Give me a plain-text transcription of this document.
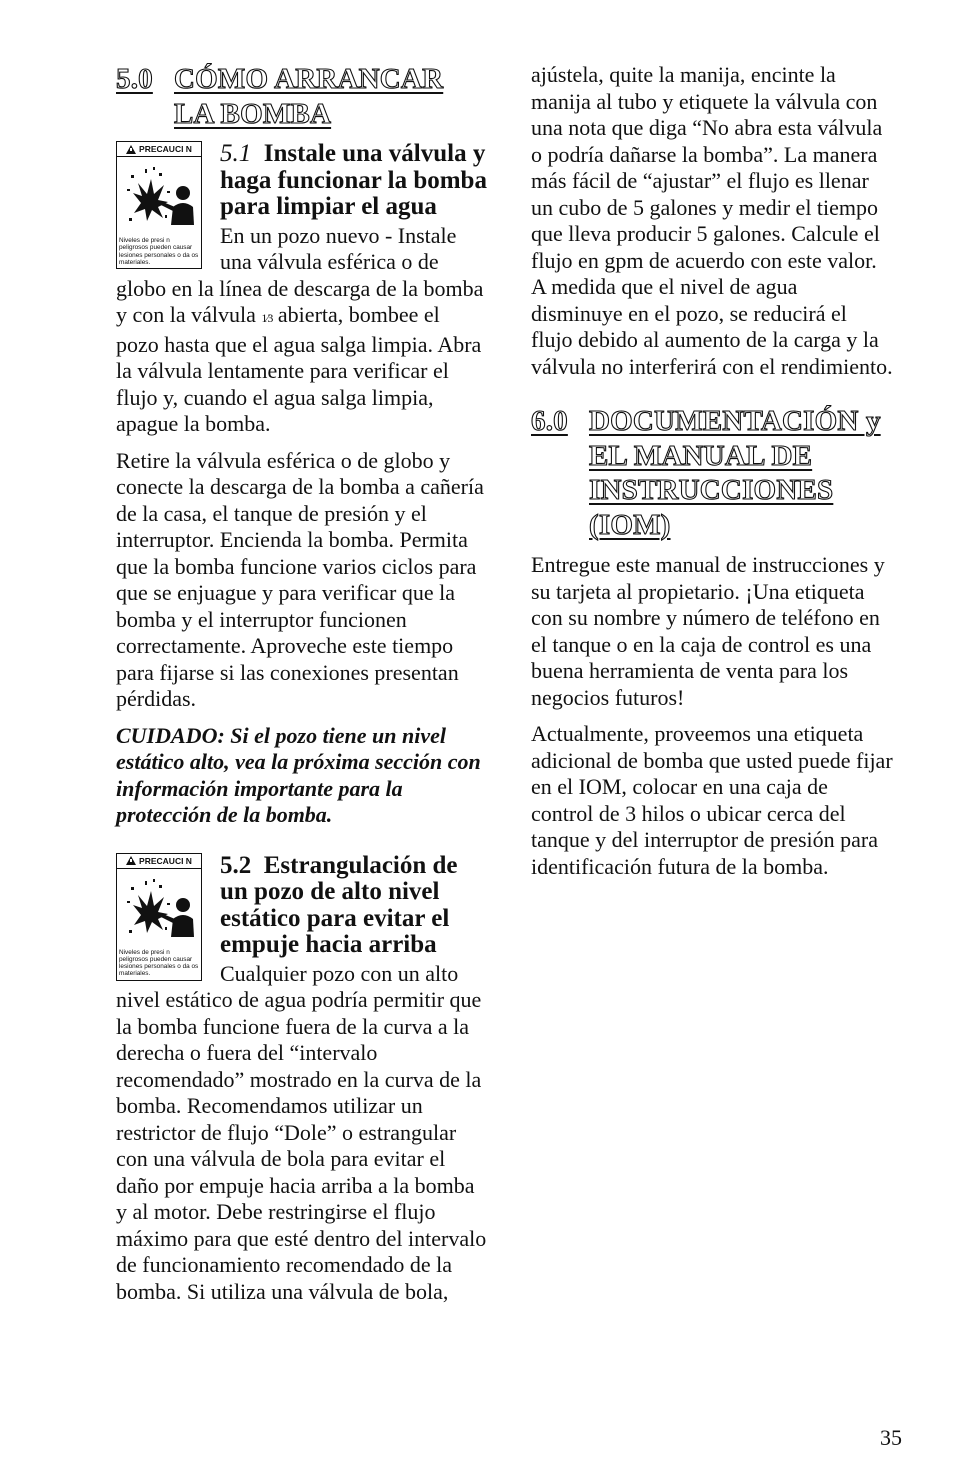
5.0 CÓMO ARRANCAR
LA BOMBA
PRECAUCI N
Niveles de presi n peligrosos pueden causar lesiones personales o da os materiales.
5.1 Instale una válvula y haga funcionar la bomba para limpiar el agua

En un pozo nuevo - Instale una válvula esférica o de globo en la línea de descarga de la bomba y con la válvula 1⁄3 abierta, bombee el pozo hasta que el agua salga limpia. Abra la válvula lentamente para verificar el flujo y, cuando el agua salga limpia, apague la bomba.

Retire la válvula esférica o de globo y conecte la descarga de la bomba a cañería de la casa, el tanque de presión y el interruptor. Encienda la bomba. Permita que la bomba funcione varios ciclos para que se enjuague y para verificar que la bomba y el interruptor funcionen correctamente. Aproveche este tiempo para fijarse si las conexiones presentan pérdidas.

CUIDADO: Si el pozo tiene un nivel estático alto, vea la próxima sección con información importante para la protección de la bomba.

PRECAUCI N
Niveles de presi n peligrosos pueden causar lesiones personales o da os materiales.
5.2 Estrangulación de un pozo de alto nivel estático para evitar el empuje hacia arriba

Cualquier pozo con un alto nivel estático de agua podría permitir que la bomba funcione fuera de la curva a la derecha o fuera del “intervalo recomendado” mostrado en la curva de la bomba. Recomendamos utilizar un restrictor de flujo “Dole” o estrangular con una válvula de bola para evitar el daño por empuje hacia arriba a la bomba y al motor. Debe restringirse el flujo máximo para que esté dentro del intervalo de funcionamiento recomendado de la bomba. Si utiliza una válvula de bola,

ajústela, quite la manija, encinte la manija al tubo y etiquete la válvula con una nota que diga “No abra esta válvula o podría dañarse la bomba”. La manera más fácil de “ajustar” el flujo es llenar un cubo de 5 galones y medir el tiempo que lleva producir 5 galones. Calcule el flujo en gpm de acuerdo con este valor. A medida que el nivel de agua disminuye en el pozo, se reducirá el flujo debido al aumento de la carga y la válvula no interferirá con el rendimiento.

6.0 DOCUMENTACIÓN y
EL MANUAL DE
INSTRUCCIONES
(IOM)

Entregue este manual de instrucciones y su tarjeta al propietario. ¡Una etiqueta con su nombre y número de teléfono en el tanque o en la caja de control es una buena herramienta de venta para los negocios futuros!

Actualmente, proveemos una etiqueta adicional de bomba que usted puede fijar en el IOM, colocar en una caja de control de 3 hilos o ubicar cerca del tanque y del interruptor de presión para identificación futura de la bomba.

35
